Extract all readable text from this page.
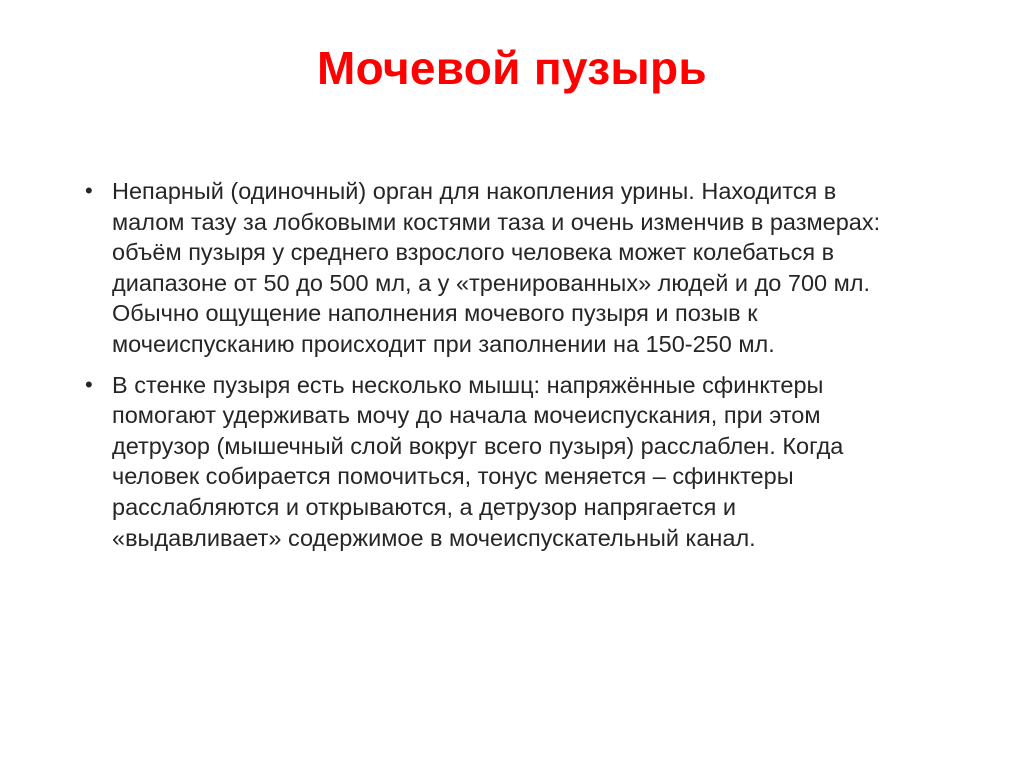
Мочевой пузырь
• Непарный (одиночный) орган для накопления урины. Находится в малом тазу за лобковыми костями таза и очень изменчив в размерах: объём пузыря у среднего взрослого человека может колебаться в диапазоне от 50 до 500 мл, а у «тренированных» людей и до 700 мл. Обычно ощущение наполнения мочевого пузыря и позыв к мочеиспусканию происходит при заполнении на 150-250 мл.
• В стенке пузыря есть несколько мышц: напряжённые сфинктеры помогают удерживать мочу до начала мочеиспускания, при этом детрузор (мышечный слой вокруг всего пузыря) расслаблен. Когда человек собирается помочиться, тонус меняется – сфинктеры расслабляются и открываются, а детрузор напрягается и «выдавливает» содержимое в мочеиспускательный канал.
